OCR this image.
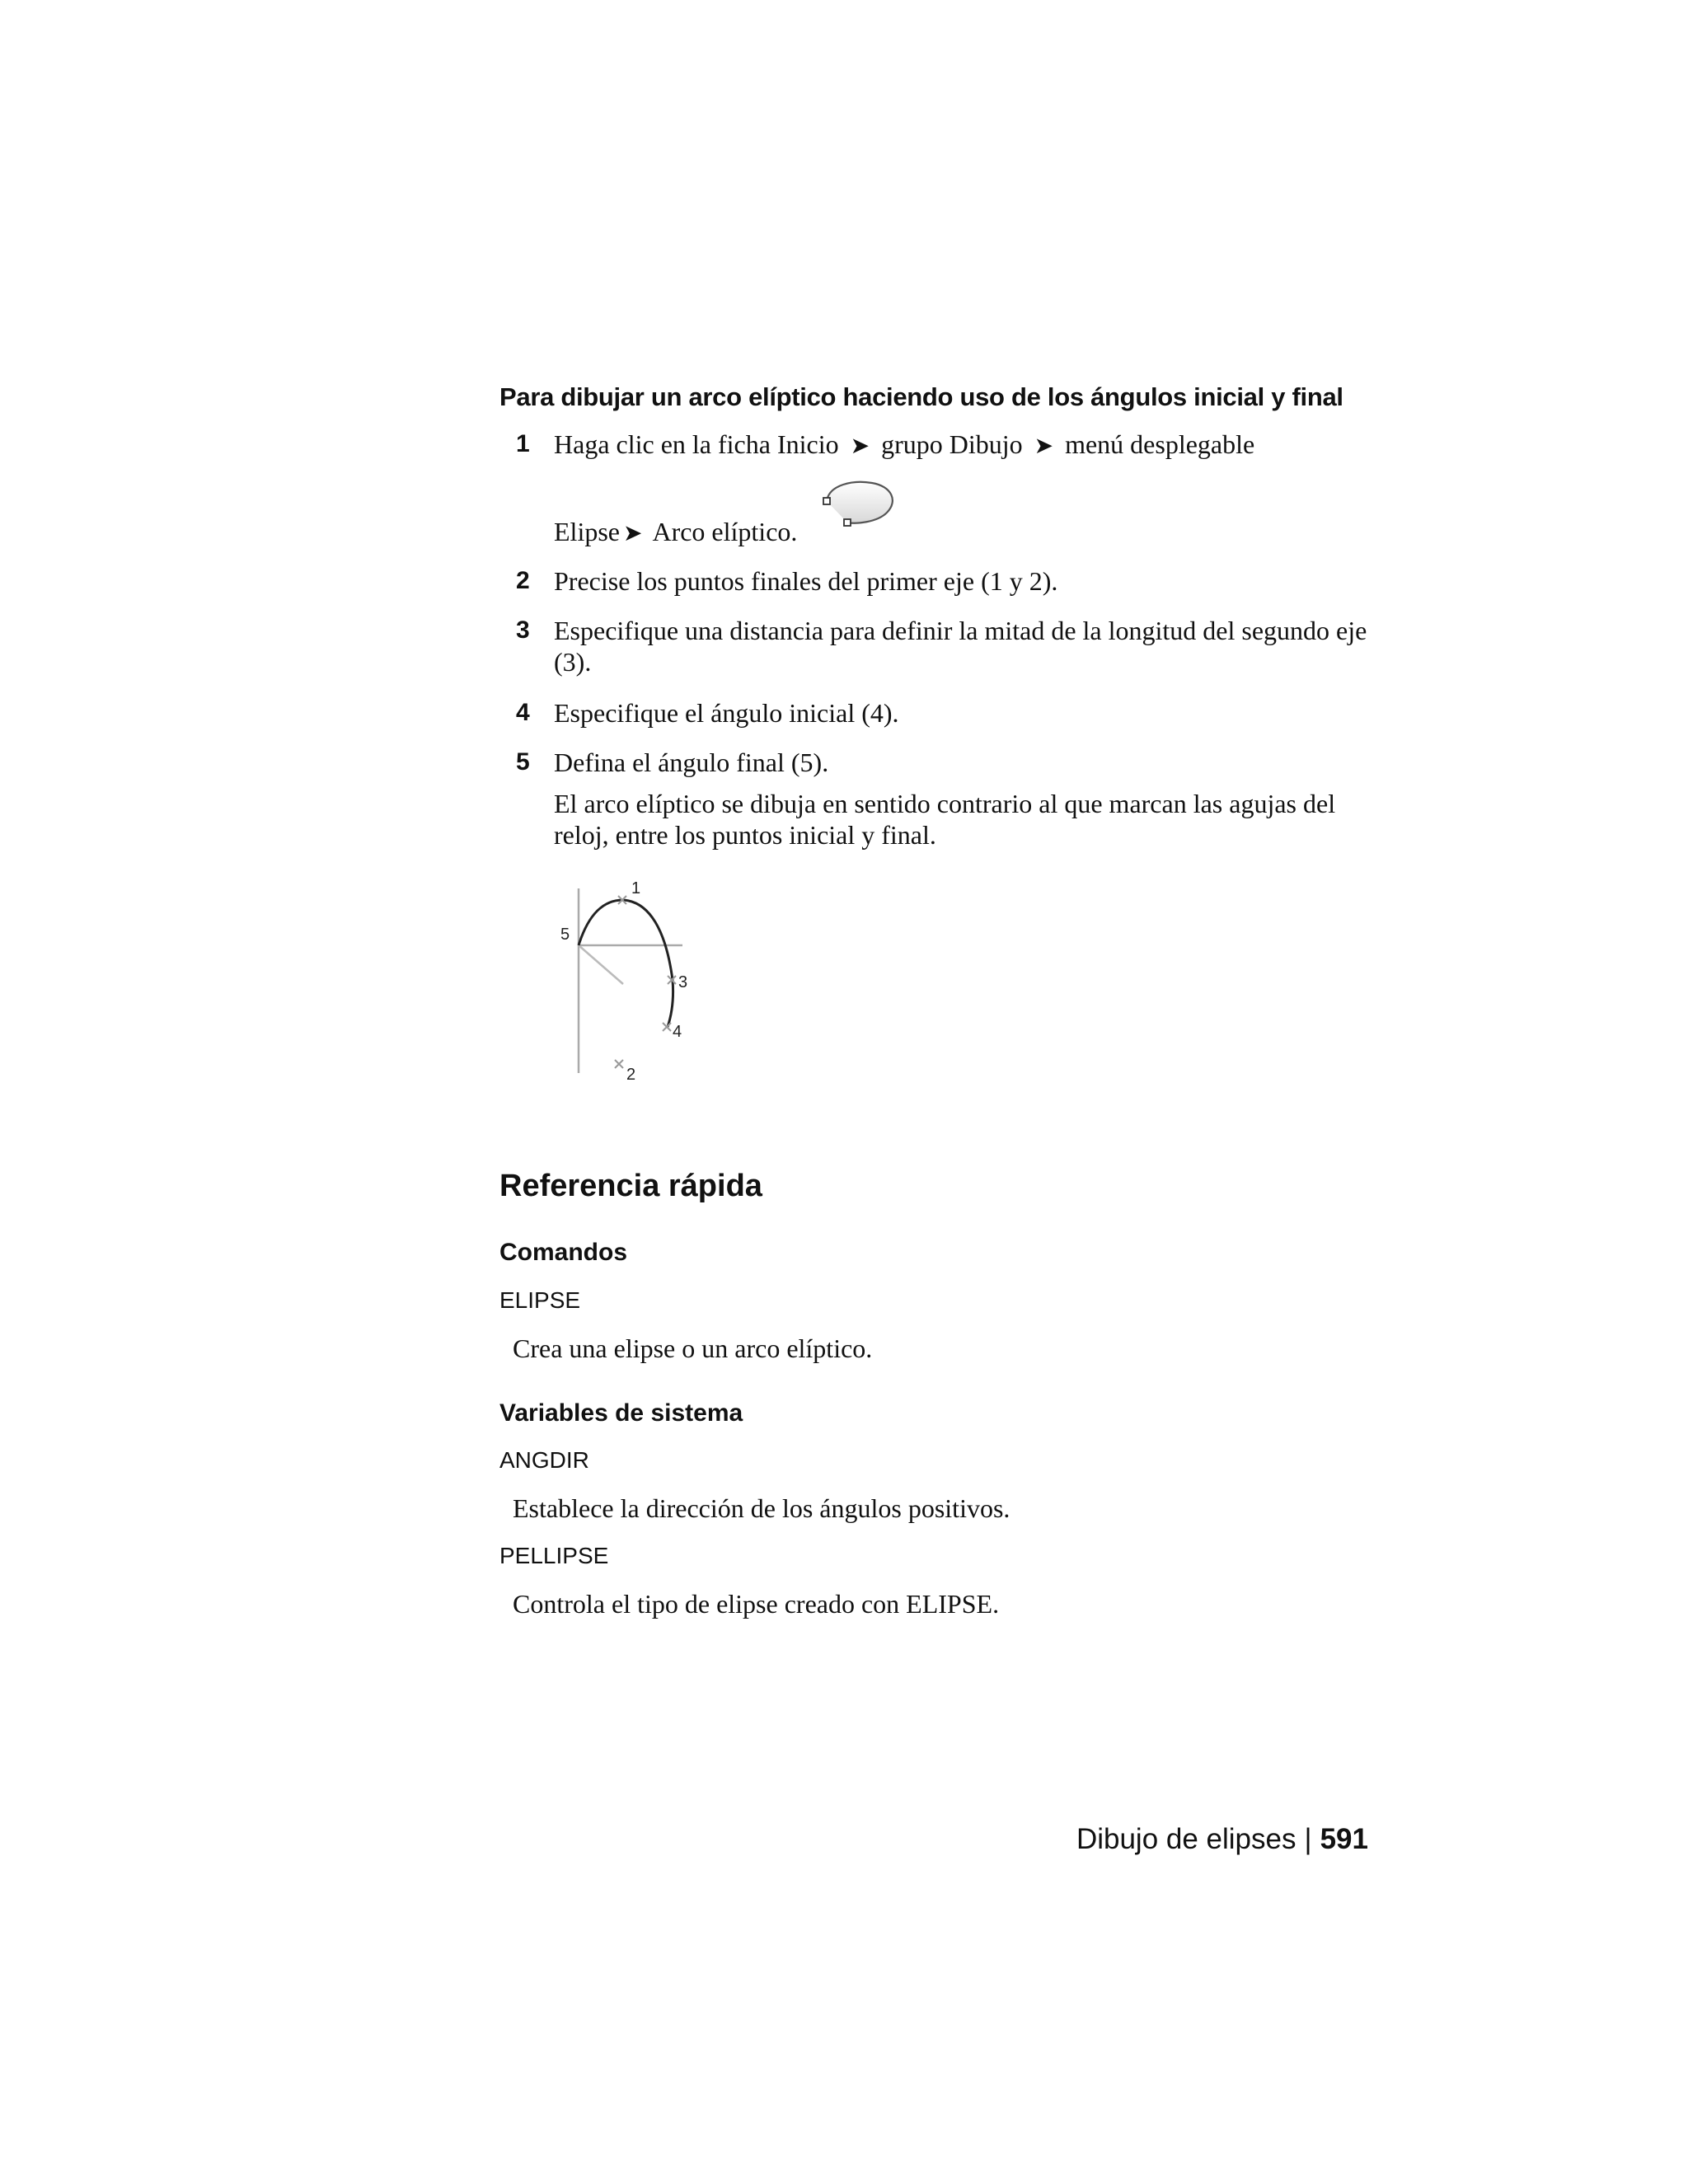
Para dibujar un arco elíptico haciendo uso de los ángulos inicial y final
1 Haga clic en la ficha Inicio ➤ grupo Dibujo ➤ menú desplegable
Elipse ➤ Arco elíptico.
2 Precise los puntos finales del primer eje (1 y 2).
3 Especifique una distancia para definir la mitad de la longitud del segundo eje (3).
4 Especifique el ángulo inicial (4).
5 Defina el ángulo final (5).
El arco elíptico se dibuja en sentido contrario al que marcan las agujas del reloj, entre los puntos inicial y final.
1
2
3
4
5
Referencia rápida
Comandos
ELIPSE
Crea una elipse o un arco elíptico.
Variables de sistema
ANGDIR
Establece la dirección de los ángulos positivos.
PELLIPSE
Controla el tipo de elipse creado con ELIPSE.
Dibujo de elipses | 591
